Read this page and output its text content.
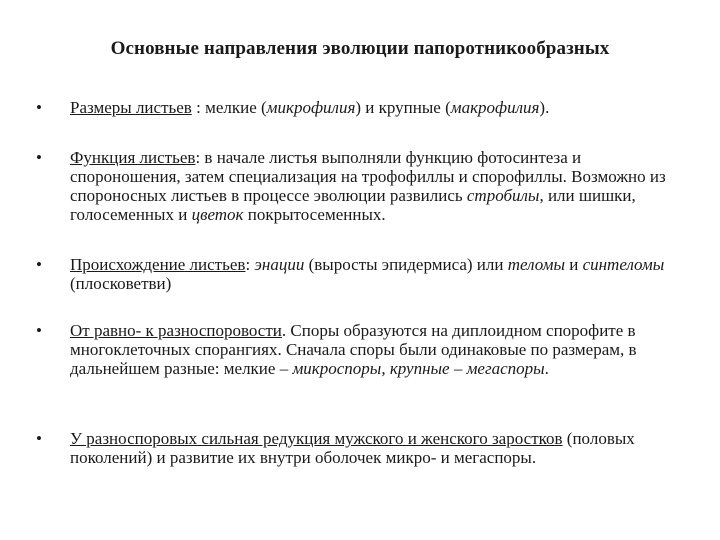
Основные направления эволюции папоротникообразных
• Размеры листьев : мелкие (микрофилия) и крупные (макрофилия).
• Функция листьев: в начале листья выполняли функцию фотосинтеза и спороношения, затем специализация на трофофиллы и спорофиллы. Возможно из спороносных листьев в процессе эволюции развились стробилы, или шишки, голосеменных и цветок покрытосеменных.
• Происхождение листьев: энации (выросты эпидермиса) или теломы и синтеломы (плосковетви)
• От равно- к разноспоровости. Споры образуются на диплоидном спорофите в многоклеточных спорангиях. Сначала споры были одинаковые по размерам, в дальнейшем разные: мелкие – микроспоры, крупные – мегаспоры.
• У разноспоровых сильная редукция мужского и женского заростков (половых поколений) и развитие их внутри оболочек микро- и мегаспоры.
